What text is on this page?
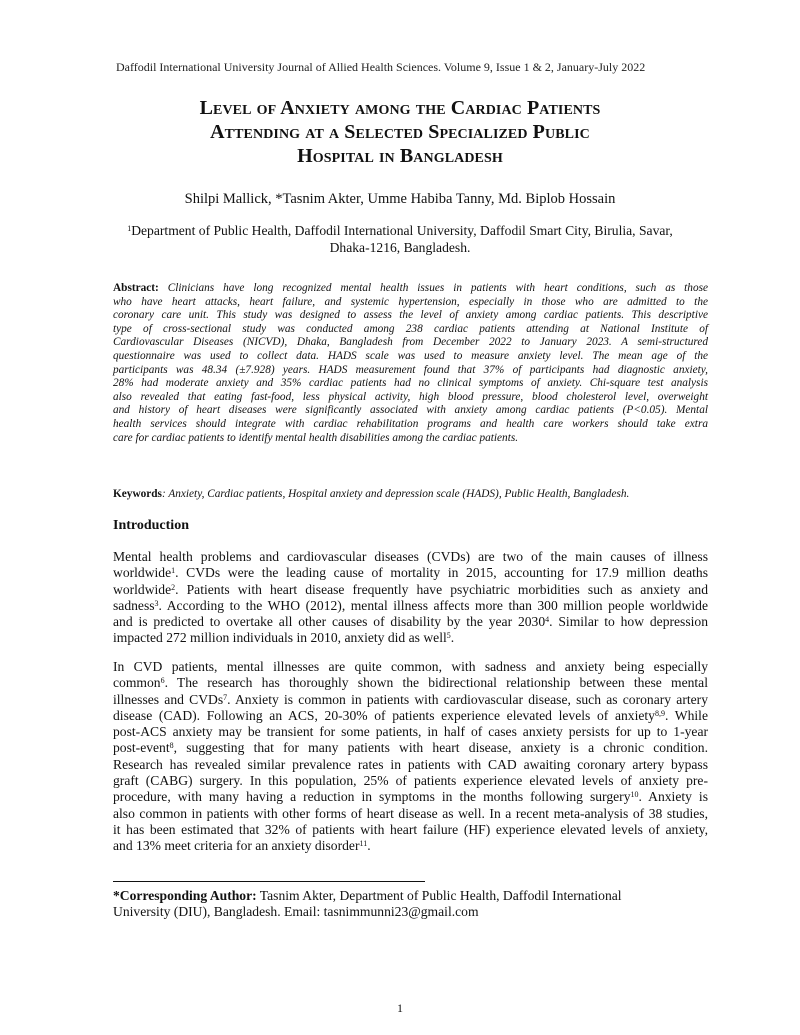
Daffodil International University Journal of Allied Health Sciences. Volume 9, Issue 1 & 2, January-July 2022
Level of Anxiety among the Cardiac Patients
Attending at a Selected Specialized Public
Hospital in Bangladesh
Shilpi Mallick, *Tasnim Akter, Umme Habiba Tanny, Md. Biplob Hossain
$^1$Department of Public Health, Daffodil International University, Daffodil Smart City, Birulia, Savar,
Dhaka-1216, Bangladesh.
Abstract: Clinicians have long recognized mental health issues in patients with heart conditions, such as those
who have heart attacks, heart failure, and systemic hypertension, especially in those who are admitted to the
coronary care unit. This study was designed to assess the level of anxiety among cardiac patients. This descriptive
type of cross-sectional study was conducted among 238 cardiac patients attending at National Institute of
Cardiovascular Diseases (NICVD), Dhaka, Bangladesh from December 2022 to January 2023. A semi-structured
questionnaire was used to collect data. HADS scale was used to measure anxiety level. The mean age of the
participants was 48.34 (±7.928) years. HADS measurement found that 37% of participants had diagnostic anxiety,
28% had moderate anxiety and 35% cardiac patients had no clinical symptoms of anxiety. Chi-square test analysis
also revealed that eating fast-food, less physical activity, high blood pressure, blood cholesterol level, overweight
and history of heart diseases were significantly associated with anxiety among cardiac patients (P<0.05). Mental
health services should integrate with cardiac rehabilitation programs and health care workers should take extra
care for cardiac patients to identify mental health disabilities among the cardiac patients.
Keywords: Anxiety, Cardiac patients, Hospital anxiety and depression scale (HADS), Public Health, Bangladesh.
Introduction
Mental health problems and cardiovascular diseases (CVDs) are two of the main causes of illness
worldwide$^1$. CVDs were the leading cause of mortality in 2015, accounting for 17.9 million deaths
worldwide$^2$. Patients with heart disease frequently have psychiatric morbidities such as anxiety and
sadness$^3$. According to the WHO (2012), mental illness affects more than 300 million people worldwide
and is predicted to overtake all other causes of disability by the year 2030$^4$. Similar to how depression
impacted 272 million individuals in 2010, anxiety did as well$^5$.
In CVD patients, mental illnesses are quite common, with sadness and anxiety being especially
common$^6$. The research has thoroughly shown the bidirectional relationship between these mental
illnesses and CVDs$^7$. Anxiety is common in patients with cardiovascular disease, such as coronary artery
disease (CAD). Following an ACS, 20-30% of patients experience elevated levels of anxiety$^{8,9}$. While
post-ACS anxiety may be transient for some patients, in half of cases anxiety persists for up to 1-year
post-event$^8$, suggesting that for many patients with heart disease, anxiety is a chronic condition.
Research has revealed similar prevalence rates in patients with CAD awaiting coronary artery bypass
graft (CABG) surgery. In this population, 25% of patients experience elevated levels of anxiety pre-
procedure, with many having a reduction in symptoms in the months following surgery$^{10}$. Anxiety is
also common in patients with other forms of heart disease as well. In a recent meta-analysis of 38 studies,
it has been estimated that 32% of patients with heart failure (HF) experience elevated levels of anxiety,
and 13% meet criteria for an anxiety disorder$^{11}$.
*Corresponding Author: Tasnim Akter, Department of Public Health, Daffodil International
University (DIU), Bangladesh. Email: tasnimmunni23@gmail.com
1
